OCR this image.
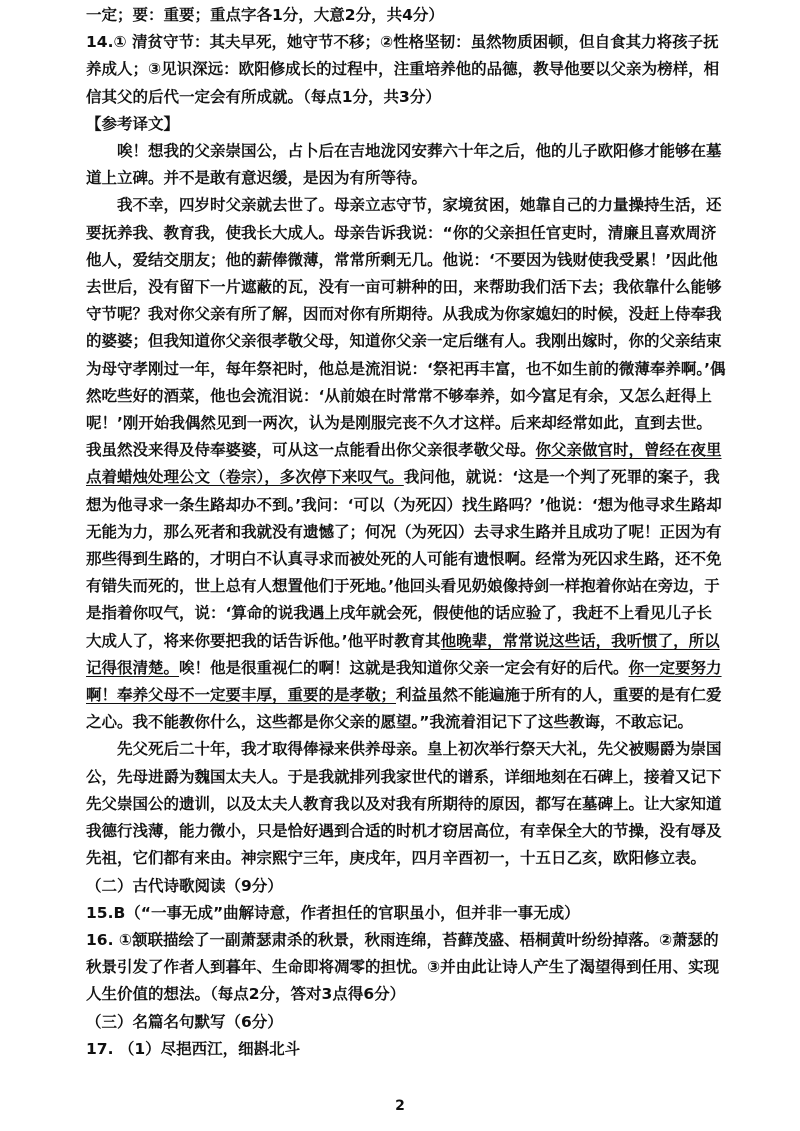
一定；要：重要；重点字各1分，大意2分，共4分）

14.① 清贫守节：其夫早死，她守节不移；②性格坚韧：虽然物质困顿，但自食其力将孩子抚养成人；③见识深远：欧阳修成长的过程中，注重培养他的品德，教导他要以父亲为榜样，相信其父的后代一定会有所成就。（每点1分，共3分）

【参考译文】

唉！想我的父亲崇国公，占卜后在吉地泷冈安葬六十年之后，他的儿子欧阳修才能够在墓道上立碑。并不是敢有意迟缓，是因为有所等待。

我不幸，四岁时父亲就去世了。母亲立志守节，家境贫困，她靠自己的力量操持生活，还要抚养我、教育我，使我长大成人。母亲告诉我说：“你的父亲担任官吏时，清廉且喜欢周济他人，爱结交朋友；他的薪俸微薄，常常所剩无几。他说：‘不要因为钱财使我受累！’因此他去世后，没有留下一片遮蔽的瓦，没有一亩可耕种的田，来帮助我们活下去；我依靠什么能够守节呢？我对你父亲有所了解，因而对你有所期待。从我成为你家媳妇的时候，没赶上侍奉我的婆婆；但我知道你父亲很孝敬父母，知道你父亲一定后继有人。我刚出嫁时，你的父亲结束为母守孝刚过一年，每年祭祀时，他总是流泪说：‘祭祀再丰富，也不如生前的微薄奉养啊。’偶然吃些好的酒菜，他也会流泪说：‘从前娘在时常常不够奉养，如今富足有余，又怎么赶得上呢！’刚开始我偶然见到一两次，认为是刚服完丧不久才这样。后来却经常如此，直到去世。我虽然没来得及侍奉婆婆，可从这一点能看出你父亲很孝敬父母。你父亲做官时，曾经在夜里点着蜡烛处理公文（卷宗），多次停下来叹气。我问他，就说：‘这是一个判了死罪的案子，我想为他寻求一条生路却办不到。’我问：‘可以（为死囚）找生路吗？’他说：‘想为他寻求生路却无能为力，那么死者和我就没有遗憾了；何况（为死囚）去寻求生路并且成功了呢！正因为有那些得到生路的，才明白不认真寻求而被处死的人可能有遗恨啊。经常为死囚求生路，还不免有错失而死的，世上总有人想置他们于死地。’他回头看见奶娘像持剑一样抱着你站在旁边，于是指着你叹气，说：‘算命的说我遇上戌年就会死，假使他的话应验了，我赶不上看见儿子长大成人了，将来你要把我的话告诉他。’他平时教育其他晚辈，常常说这些话，我听惯了，所以记得很清楚。唉！他是很重视仁的啊！这就是我知道你父亲一定会有好的后代。你一定要努力啊！奉养父母不一定要丰厚，重要的是孝敬；利益虽然不能遍施于所有的人，重要的是有仁爱之心。我不能教你什么，这些都是你父亲的愿望。”我流着泪记下了这些教诲，不敢忘记。

先父死后二十年，我才取得俸禄来供养母亲。皇上初次举行祭天大礼，先父被赐爵为崇国公，先母进爵为魏国太夫人。于是我就排列我家世代的谱系，详细地刻在石碑上，接着又记下先父崇国公的遗训，以及太夫人教育我以及对我有所期待的原因，都写在墓碑上。让大家知道我德行浅薄，能力微小，只是恰好遇到合适的时机才窃居高位，有幸保全大的节操，没有辱及先祖，它们都有来由。神宗熙宁三年，庚戌年，四月辛酉初一，十五日乙亥，欧阳修立表。

（二）古代诗歌阅读（9分）

15.B（“一事无成”曲解诗意，作者担任的官职虽小，但并非一事无成）

16. ①颔联描绘了一副萧瑟肃杀的秋景，秋雨连绵，苔藓茂盛、梧桐黄叶纷纷掉落。②萧瑟的秋景引发了作者人到暮年、生命即将凋零的担忧。③并由此让诗人产生了渴望得到任用、实现人生价值的想法。（每点2分，答对3点得6分）

（三）名篇名句默写（6分）

17. （1）尽挹西江，细斟北斗

2
